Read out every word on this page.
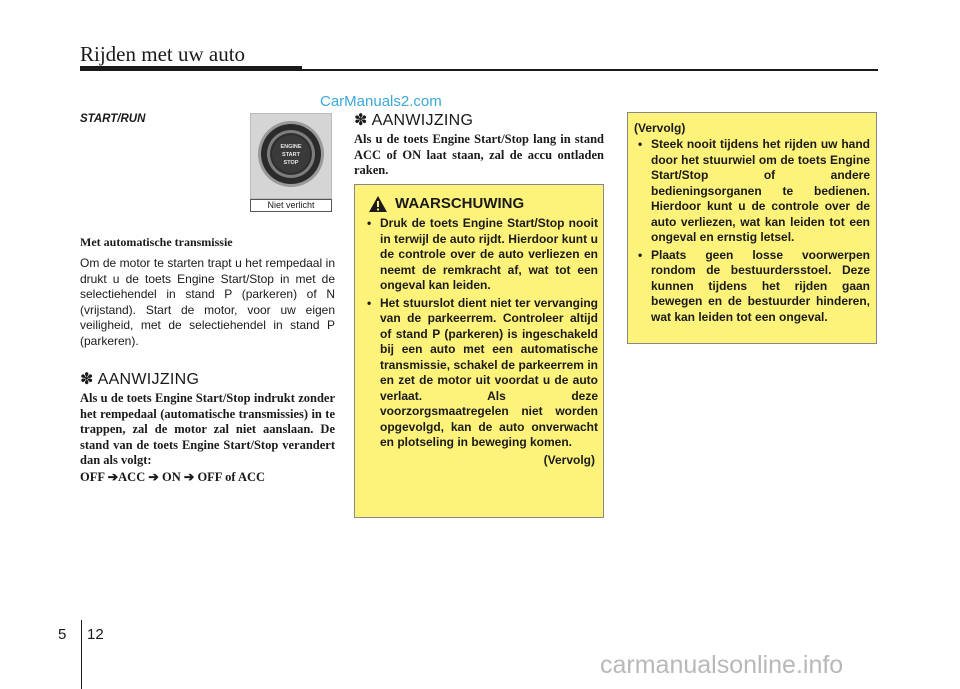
Rijden met uw auto
CarManuals2.com

START/RUN

ENGINE
START
STOP
Niet verlicht

Met automatische transmissie

Om de motor te starten trapt u het rempedaal in drukt u de toets Engine Start/Stop in met de selectiehendel in stand P (parkeren) of N (vrijstand). Start de motor, voor uw eigen veiligheid, met de selectiehendel in stand P (parkeren).

✽ AANWIJZING

Als u de toets Engine Start/Stop indrukt zonder het rempedaal (automatische transmissies) in te trappen, zal de motor zal niet aanslaan. De stand van de toets Engine Start/Stop verandert dan als volgt:

OFF ➔ACC ➔ ON ➔ OFF of ACC

✽ AANWIJZING

Als u de toets Engine Start/Stop lang in stand ACC of ON laat staan, zal de accu ontladen raken.

WAARSCHUWING
• Druk de toets Engine Start/Stop nooit in terwijl de auto rijdt. Hierdoor kunt u de controle over de auto verliezen en neemt de remkracht af, wat tot een ongeval kan leiden.
• Het stuurslot dient niet ter vervanging van de parkeerrem. Controleer altijd of stand P (parkeren) is ingeschakeld bij een auto met een automatische transmissie, schakel de parkeerrem in en zet de motor uit voordat u de auto verlaat. Als deze voorzorgsmaatregelen niet worden opgevolgd, kan de auto onverwacht en plotseling in beweging komen.
(Vervolg)

(Vervolg)

• Steek nooit tijdens het rijden uw hand door het stuurwiel om de toets Engine Start/Stop of andere bedieningsorganen te bedienen. Hierdoor kunt u de controle over de auto verliezen, wat kan leiden tot een ongeval en ernstig letsel.
• Plaats geen losse voorwerpen rondom de bestuurdersstoel. Deze kunnen tijdens het rijden gaan bewegen en de bestuurder hinderen, wat kan leiden tot een ongeval.
5 12
carmanualsonline.info
